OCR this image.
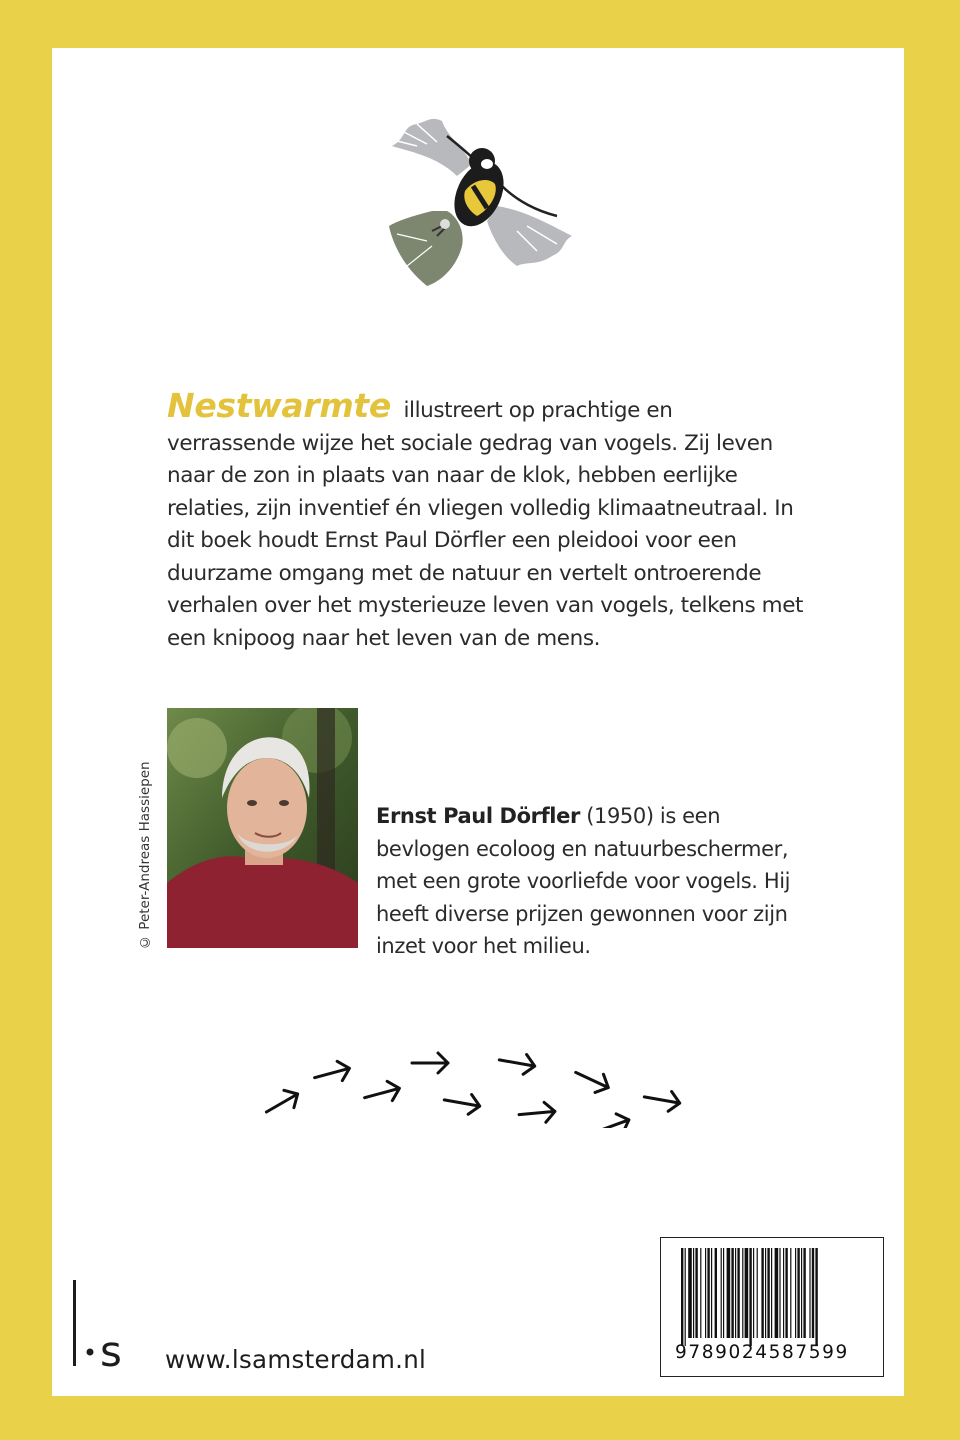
Nestwarmte illustreert op prachtige en verrassende wijze het sociale gedrag van vogels. Zij leven naar de zon in plaats van naar de klok, hebben eerlijke relaties, zijn inventief én vliegen volledig klimaatneutraal. In dit boek houdt Ernst Paul Dörfler een pleidooi voor een duurzame omgang met de natuur en vertelt ontroerende verhalen over het mysterieuze leven van vogels, telkens met een knipoog naar het leven van de mens.

© Peter-Andreas Hassiepen	Ernst Paul Dörfler (1950) is een bevlogen ecoloog en natuurbeschermer, met een grote voorliefde voor vogels. Hij heeft diverse prijzen gewonnen voor zijn inzet voor het milieu.

s www.lsamsterdam.nl	9789024587599
